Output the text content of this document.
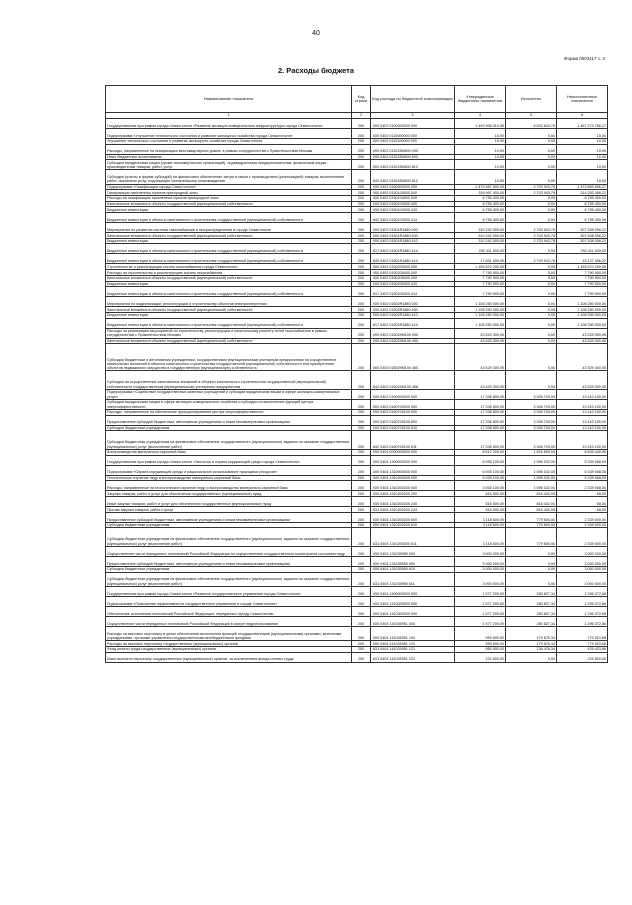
40
Форма 0503117 с. 2
2. Расходы бюджета
Наименование показателя	Код строки	Код расхода по бюджетной классификации	Утвержденные бюджетные назначения	Исполнено	Неисполненные назначения
1	2	3	4	5	6
Государственная программа города Севастополя «Развитие жилищно-коммунального инфраструктуры города Севастополя»	200	000 0402 0100000000 000	1 493 908 410,05	6 632 643,78	1 487 273 766,27
Подпрограмма «Улучшение технического состояния и развитие жилищного хозяйства города Севастополя»	200	000 0402 0110000000 000	10,00	0,00	10,00
Улучшение технического состояния и развитие жилищного хозяйства города Севастополя	200	000 0402 0110100000 000	10,00	0,00	10,00
Расходы, направленные на газификацию многоквартирных домов, в рамках сотрудничества с Правительством Москвы	200	000 0402 011019M600 000	10,00	0,00	10,00
Иные бюджетные ассигнования	200	000 0402 011019M600 800	10,00	0,00	10,00
Субсидии юридическим лицам (кроме некоммерческих организаций), индивидуальным предпринимателям, физическим лицам - производителям товаров, работ, услуг	200	000 0402 011019M600 810	10,00	0,00	10,00
Субсидии (гранты в форме субсидий) на финансовое обеспечение затрат в связи с производством (реализацией) товаров, выполнением работ, оказанием услуг, подлежащие казначейскому сопровождению	200	842 0402 011019M600 812	10,00	0,00	10,00
Подпрограмма «Газификация города Севастополя»	200	000 0402 0150000000 000	1 476 567 600,05	2 703 943,78	1 473 863 656,27
Газификация населенных пунктов пригородной зоны	200	000 0402 0150100000 000	316 997 400,00	2 703 943,78	314 293 456,22
Расходы на газификацию населенных пунктов пригородной зоны	200	000 0402 0150104000 000	6 755 400,00	0,00	6 755 400,00
Капитальные вложения в объекты государственной (муниципальной) собственности	200	000 0402 0150104000 400	6 755 400,00	0,00	6 755 400,00
Бюджетные инвестиции	200	000 0402 0150104000 410	6 755 400,00	0,00	6 755 400,00
Бюджетные инвестиции в объекты капитального строительства государственной (муниципальной) собственности	200	842 0402 0150104000 414	6 755 400,00	0,00	6 755 400,00
Мероприятия по развитию системы газоснабжения и газораспределения в городе Севастополе	200	000 0402 01501R1880 000	310 242 000,00	2 703 943,78	307 538 056,22
Капитальные вложения в объекты государственной (муниципальной) собственности	200	000 0402 01501R1880 400	310 242 000,00	2 703 943,78	307 538 056,22
Бюджетные инвестиции	200	000 0402 01501R1880 410	310 242 000,00	2 703 943,78	307 538 056,22
Бюджетные инвестиции в объекты капитального строительства государственной (муниципальной) собственности	200	817 0402 01501R1880 414	292 411 000,00	0,00	292 411 000,00
Бюджетные инвестиции в объекты капитального строительства государственной (муниципальной) собственности	200	842 0402 01501R1880 414	17 831 000,00	2 703 943,78	15 127 056,22
Строительство и реконструкция систем газоснабжения города Севастополя	200	000 0402 0150200000 000	1 159 570 200,05	0,00	1 159 570 200,05
Расходы на строительство и реконструкцию систем газоснабжения	200	000 0402 0150205400 000	7 790 900,00	0,00	7 790 900,00
Капитальные вложения в объекты государственной (муниципальной) собственности	200	000 0402 0150205400 400	7 790 900,00	0,00	7 790 900,00
Бюджетные инвестиции	200	000 0402 0150205400 410	7 790 900,00	0,00	7 790 900,00
Бюджетные инвестиции в объекты капитального строительства государственной (муниципальной) собственности	200	817 0402 0150205400 414	7 790 900,00	0,00	7 790 900,00
Мероприятия по модернизации, реконструкции и строительству объектов электроэнергетики	200	000 0402 01502R1880 000	1 108 250 000,00	0,00	1 108 250 000,00
Капитальные вложения в объекты государственной (муниципальной) собственности	200	000 0402 01502R1880 400	1 108 250 000,00	0,00	1 108 250 000,00
Бюджетные инвестиции	200	000 0402 01502R1880 410	1 108 250 000,00	0,00	1 108 250 000,00
Бюджетные инвестиции в объекты капитального строительства государственной (муниципальной) собственности	200	817 0402 01502R1880 414	1 108 250 000,00	0,00	1 108 250 000,00
Расходы на реализацию мероприятий по строительству, реконструкции и капитальному ремонту сетей газоснабжения в рамках сотрудничества с Правительством Москвы	200	000 0402 015029M100 000	43 529 300,05	0,00	43 529 300,05
Капитальные вложения в объекты государственной (муниципальной) собственности	200	000 0402 015029M100 400	43 529 300,05	0,00	43 529 300,05
Субсидии бюджетным и автономным учреждениям, государственным (муниципальным) унитарным предприятиям на осуществление капитальных вложений в объекты капитального строительства государственной (муниципальной) собственности или приобретение объектов недвижимого имущества в государственную (муниципальную) собственность	200	000 0402 015029M100 460	43 529 300,05	0,00	43 529 300,05
Субсидии на осуществление капитальных вложений в объекты капитального строительства государственной (муниципальной) собственности государственным (муниципальным) унитарным предприятиям	200	842 0402 015029M100 466	43 529 300,05	0,00	43 529 300,05
Подпрограмма «Содействие государственных казенных учреждений и субсидии юридическим лицам в сфере жилищно-коммунальных услуг»	200	000 0402 0160000000 000	17 338 800,00	3 928 700,00	13 410 100,00
Субсидии юридическим лицам в сфере жилищно-коммунального хозяйства и субсидии на выполнение функций центра энергоэффективности	200	000 0402 0160700000 000	17 338 800,00	3 928 700,00	13 410 100,00
Расходы, направленные на обеспечение функционирования центра энергоэффективности	200	000 0402 0160700100 000	17 338 800,00	3 928 700,00	13 410 100,00
Предоставление субсидий бюджетным, автономным учреждениям и иным некоммерческим организациям	200	000 0402 0160700100 600	17 338 800,00	3 928 700,00	13 410 100,00
Субсидии бюджетным учреждениям	200	000 0402 0160700100 610	17 338 800,00	3 928 700,00	13 410 100,00
Субсидии бюджетным учреждениям на финансовое обеспечение государственного (муниципального) задания на оказание государственных (муниципальных) услуг (выполнение работ)	200	842 0402 0160700100 611	17 338 800,00	3 928 700,00	13 410 100,00
Воспроизводство минерально-сырьевой базы	200	000 0404 0000000000 000	8 512 200,00	1 876 859,54	6 635 440,56
Государственная программа города Севастополя «Экология и охрана окружающей среды города Севастополя»	200	000 0404 1300000000 000	6 935 100,00	1 596 032,00	5 339 068,00
Подпрограмма «Охрана окружающей среды и рациональное использование природных ресурсов»	200	000 0404 1310000000 000	6 935 100,00	1 596 032,00	5 339 068,00
Геологическое изучение недр и воспроизводство минерально-сырьевой базы	200	000 0404 1310200000 000	6 935 100,00	1 596 032,00	5 339 068,00
Расходы, направленные на геологическое изучение недр и воспроизводство минерально-сырьевой базы	200	000 0404 1310200200 000	3 935 100,00	1 596 032,00	2 339 068,00
Закупка товаров, работ и услуг для обеспечения государственных (муниципальных) нужд	200	000 0404 1310200200 200	816 500,00	816 432,00	68,00
Иные закупки товаров, работ и услуг для обеспечения государственных (муниципальных) нужд	200	000 0404 1310200200 240	816 500,00	816 432,00	68,00
Прочая закупка товаров, работ и услуг	200	631 0404 1310200200 244	816 500,00	816 432,00	68,00
Предоставление субсидий бюджетным, автономным учреждениям и иным некоммерческим организациям	200	000 0404 1310200200 600	3 118 600,00	779 600,00	2 339 000,00
Субсидии бюджетным учреждениям	200	000 0404 1310200200 610	3 118 600,00	779 600,00	2 339 000,00
Субсидии бюджетным учреждениям на финансовое обеспечение государственного (муниципального) задания на оказание государственных (муниципальных) услуг (выполнение работ)	200	631 0404 1310200200 611	3 118 600,00	779 600,00	2 339 000,00
Осуществление части переданных полномочий Российской Федерации по осуществлению государственного мониторинга состояния недр	200	000 0404 131035950 000	3 000 000,00	0,00	3 000 000,00
Предоставление субсидий бюджетным, автономным учреждениям и иным некоммерческим организациям	200	000 0404 131035950 600	3 000 000,00	0,00	3 000 000,00
Субсидии бюджетным учреждениям	200	000 0404 131035950 610	3 000 000,00	0,00	3 000 000,00
Субсидии бюджетным учреждениям на финансовое обеспечение государственного (муниципального) задания на оказание государственных (муниципальных) услуг (выполнение работ)	200	631 0404 131035950 611	3 000 000,00	0,00	3 000 000,00
Государственная программа города Севастополя «Развитие государственного управления города Севастополя»	200	000 0404 1400000000 000	1 577 200,00	280 827,34	1 296 372,66
Подпрограмма «Повышение эффективности государственного управления в городе Севастополе»	200	000 0404 1410000000 000	1 577 200,00	280 827,34	1 296 372,66
Обеспечение исполнения полномочий Российской Федерации, переданных городу Севастополю	200	000 0404 1410300000 000	1 577 200,00	280 827,34	1 296 372,66
Осуществление части переданных полномочий Российской Федерации в сфере недропользования	200	000 0404 141035951 000	1 577 200,00	280 827,34	1 296 372,66
Расходы на выплаты персоналу в целях обеспечения выполнения функций государственными (муниципальными) органами, казенными учреждениями, органами управления государственными внебюджетными фондами	200	000 0404 141035951 100	959 600,00	179 676,34	779 923,66
Расходы на выплаты персоналу государственных (муниципальных) органов	200	000 0404 141035951 120	959 600,00	179 676,34	779 923,66
Фонд оплаты труда государственных (муниципальных) органов	200	631 0404 141035951 121	565 900,00	136 476,34	429 423,66
Иные выплаты персоналу государственных (муниципальных) органов, за исключением фонда оплаты труда	200	631 0404 141035951 122	222 600,00	0,00	222 600,00
